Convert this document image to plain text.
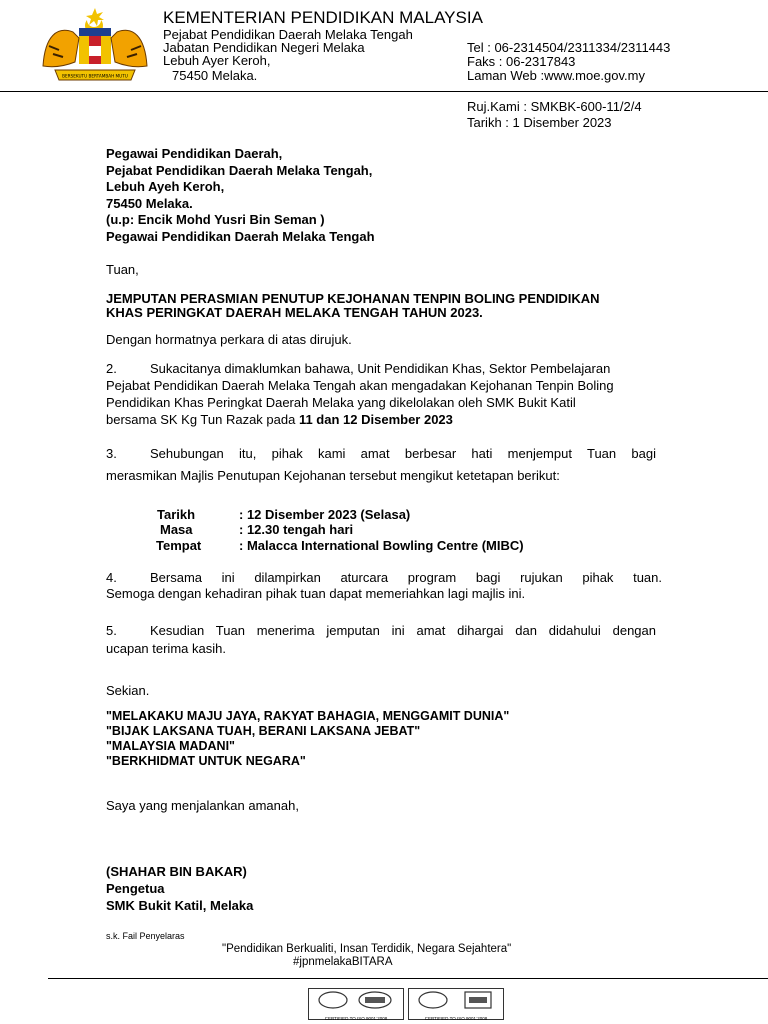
BERSEKUTU BERTAMBAH MUTU
KEMENTERIAN PENDIDIKAN MALAYSIA
Pejabat Pendidikan Daerah Melaka Tengah
Jabatan Pendidikan Negeri Melaka
Lebuh Ayer Keroh,
75450 Melaka.
Tel : 06-2314504/2311334/2311443
Faks : 06-2317843
Laman Web :www.moe.gov.my
Ruj.Kami : SMKBK-600-11/2/4
Tarikh : 1 Disember 2023
Pegawai Pendidikan Daerah,
Pejabat Pendidikan Daerah Melaka Tengah,
Lebuh Ayeh Keroh,
75450 Melaka.
(u.p: Encik Mohd Yusri Bin Seman )
Pegawai Pendidikan Daerah Melaka Tengah
Tuan,
JEMPUTAN PERASMIAN PENUTUP KEJOHANAN TENPIN BOLING PENDIDIKAN
KHAS PERINGKAT DAERAH MELAKA TENGAH TAHUN 2023.
Dengan hormatnya perkara di atas dirujuk.
2.	Sukacitanya dimaklumkan bahawa, Unit Pendidikan Khas, Sektor Pembelajaran
Pejabat Pendidikan Daerah Melaka Tengah akan mengadakan Kejohanan Tenpin Boling
Pendidikan Khas Peringkat Daerah Melaka yang dikelolakan oleh SMK Bukit Katil
bersama SK Kg Tun Razak pada 11 dan 12 Disember 2023
3.	Sehubungan itu, pihak kami amat berbesar hati menjemput Tuan bagi
merasmikan Majlis Penutupan Kejohanan tersebut mengikut ketetapan berikut:
Tarikh	: 12 Disember 2023 (Selasa)
Masa	: 12.30 tengah hari
Tempat	: Malacca International Bowling Centre (MIBC)
4.	Bersama ini dilampirkan aturcara program bagi rujukan pihak tuan.
Semoga dengan kehadiran pihak tuan dapat memeriahkan lagi majlis ini.
5.	Kesudian Tuan menerima jemputan ini amat dihargai dan didahului dengan
ucapan terima kasih.
Sekian.
"MELAKAKU MAJU JAYA, RAKYAT BAHAGIA, MENGGAMIT DUNIA"
"BIJAK LAKSANA TUAH, BERANI LAKSANA JEBAT"
"MALAYSIA MADANI"
"BERKHIDMAT UNTUK NEGARA"
Saya yang menjalankan amanah,
(SHAHAR BIN BAKAR)
Pengetua
SMK Bukit Katil, Melaka
s.k. Fail Penyelaras
"Pendidikan Berkualiti, Insan Terdidik, Negara Sejahtera"
#jpnmelakaBITARA
CERTIFIED TO ISO 9001:2008	CERTIFIED TO ISO 9001:2008
